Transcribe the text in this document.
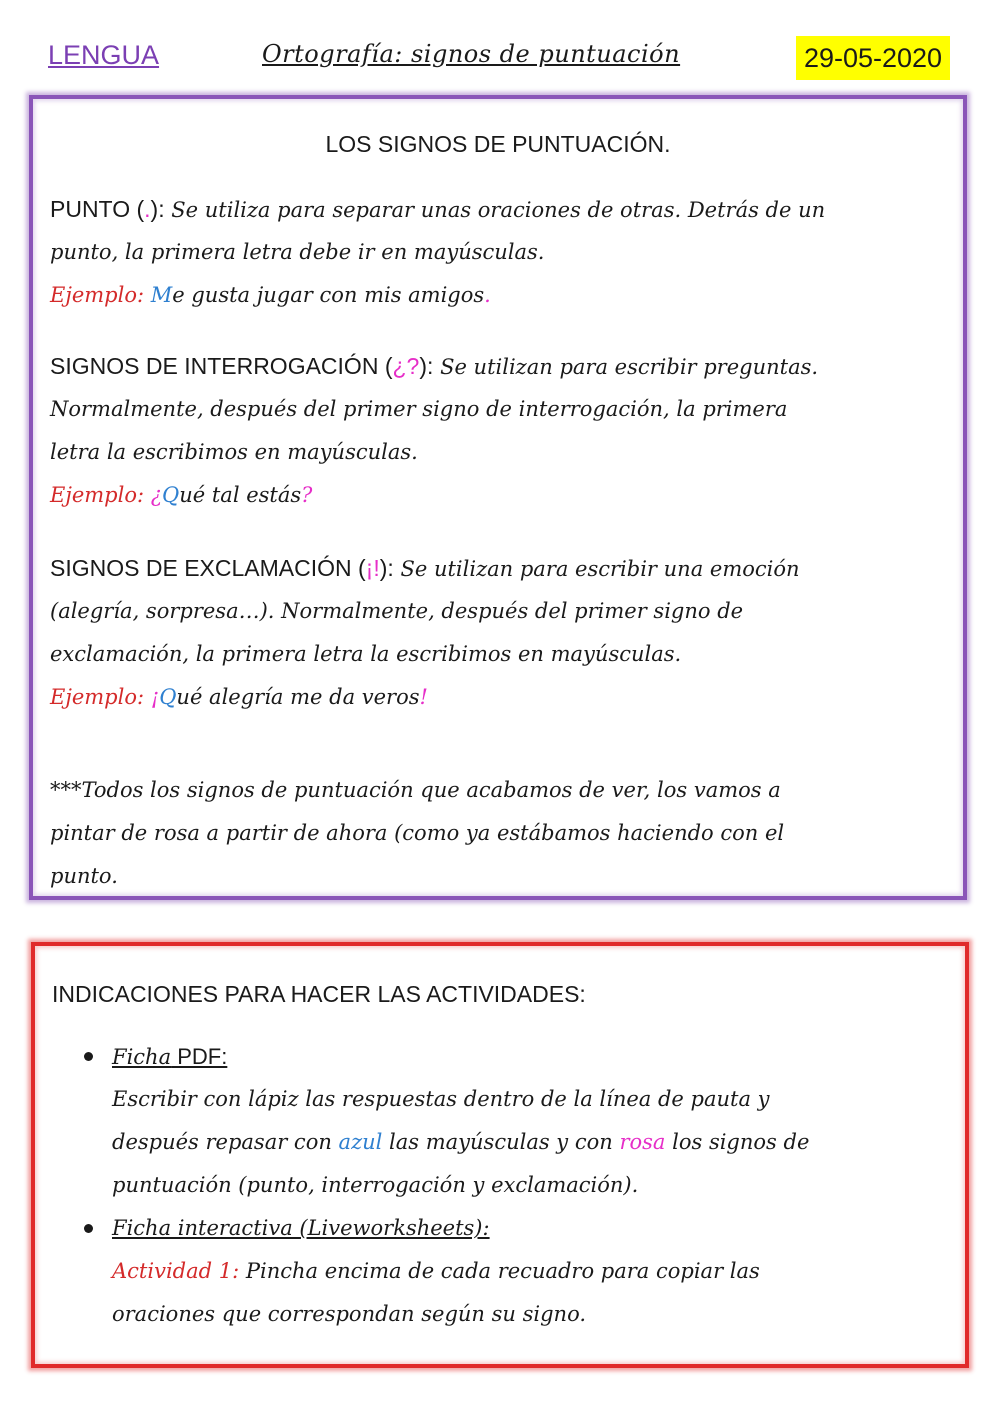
LENGUA	Ortografía: signos de puntuación	29-05-2020
LOS SIGNOS DE PUNTUACIÓN.
PUNTO (.): Se utiliza para separar unas oraciones de otras. Detrás de un
punto, la primera letra debe ir en mayúsculas.
Ejemplo: Me gusta jugar con mis amigos.
SIGNOS DE INTERROGACIÓN (¿?): Se utilizan para escribir preguntas.
Normalmente, después del primer signo de interrogación, la primera
letra la escribimos en mayúsculas.
Ejemplo: ¿Qué tal estás?
SIGNOS DE EXCLAMACIÓN (¡!): Se utilizan para escribir una emoción
(alegría, sorpresa…). Normalmente, después del primer signo de
exclamación, la primera letra la escribimos en mayúsculas.
Ejemplo: ¡Qué alegría me da veros!
***Todos los signos de puntuación que acabamos de ver, los vamos a
pintar de rosa a partir de ahora (como ya estábamos haciendo con el
punto.
INDICACIONES PARA HACER LAS ACTIVIDADES:
Ficha PDF:
Escribir con lápiz las respuestas dentro de la línea de pauta y
después repasar con azul las mayúsculas y con rosa los signos de
puntuación (punto, interrogación y exclamación).
Ficha interactiva (Liveworksheets):
Actividad 1: Pincha encima de cada recuadro para copiar las
oraciones que correspondan según su signo.
